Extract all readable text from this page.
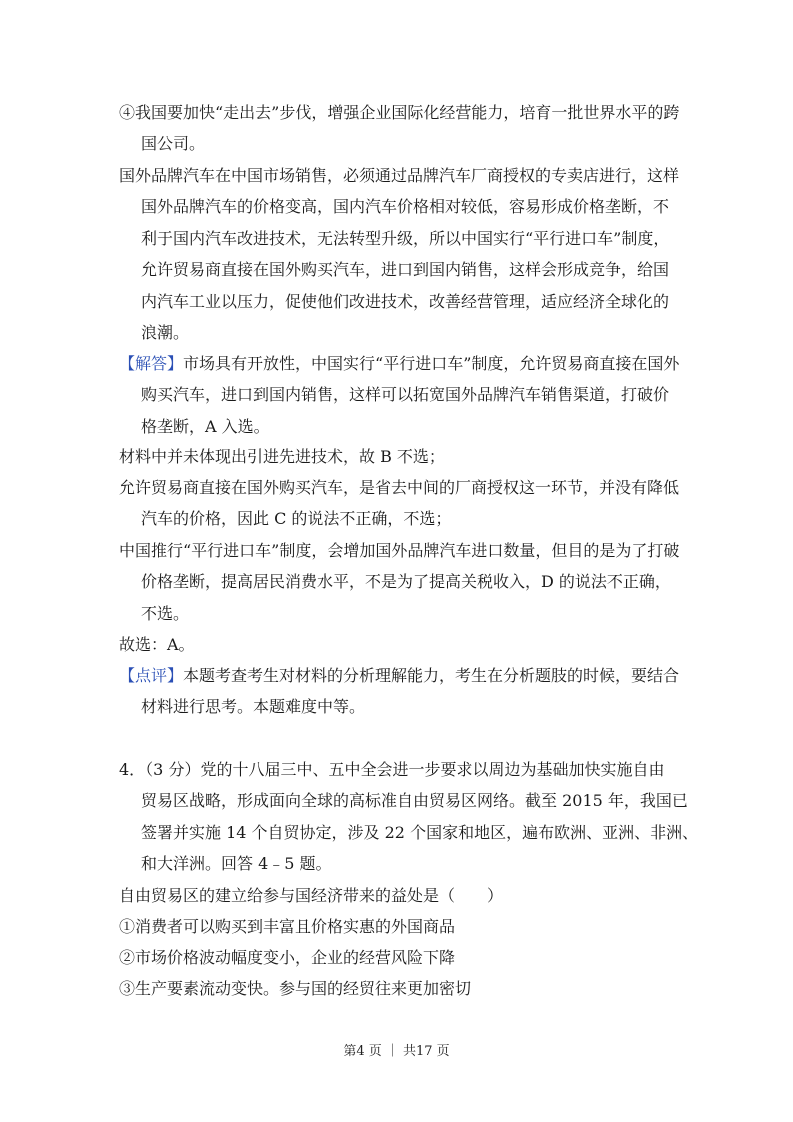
④我国要加快“走出去”步伐，增强企业国际化经营能力，培育一批世界水平的跨
国公司。
国外品牌汽车在中国市场销售，必须通过品牌汽车厂商授权的专卖店进行，这样
国外品牌汽车的价格变高，国内汽车价格相对较低，容易形成价格垄断，不
利于国内汽车改进技术，无法转型升级，所以中国实行“平行进口车”制度，
允许贸易商直接在国外购买汽车，进口到国内销售，这样会形成竞争，给国
内汽车工业以压力，促使他们改进技术，改善经营管理，适应经济全球化的
浪潮。
【解答】市场具有开放性，中国实行“平行进口车”制度，允许贸易商直接在国外
购买汽车，进口到国内销售，这样可以拓宽国外品牌汽车销售渠道，打破价
格垄断，A 入选。
材料中并未体现出引进先进技术，故 B 不选；
允许贸易商直接在国外购买汽车，是省去中间的厂商授权这一环节，并没有降低
汽车的价格，因此 C 的说法不正确，不选；
中国推行“平行进口车”制度，会增加国外品牌汽车进口数量，但目的是为了打破
价格垄断，提高居民消费水平，不是为了提高关税收入，D 的说法不正确，
不选。
故选：A。
【点评】本题考查考生对材料的分析理解能力，考生在分析题肢的时候，要结合
材料进行思考。本题难度中等。
4．（3 分）党的十八届三中、五中全会进一步要求以周边为基础加快实施自由
贸易区战略，形成面向全球的高标准自由贸易区网络。截至 2015 年，我国已
签署并实施 14 个自贸协定，涉及 22 个国家和地区，遍布欧洲、亚洲、非洲、
和大洋洲。回答 4﹣5 题。
自由贸易区的建立给参与国经济带来的益处是（　　）
①消费者可以购买到丰富且价格实惠的外国商品
②市场价格波动幅度变小，企业的经营风险下降
③生产要素流动变快。参与国的经贸往来更加密切
第4 页 ｜ 共17 页
